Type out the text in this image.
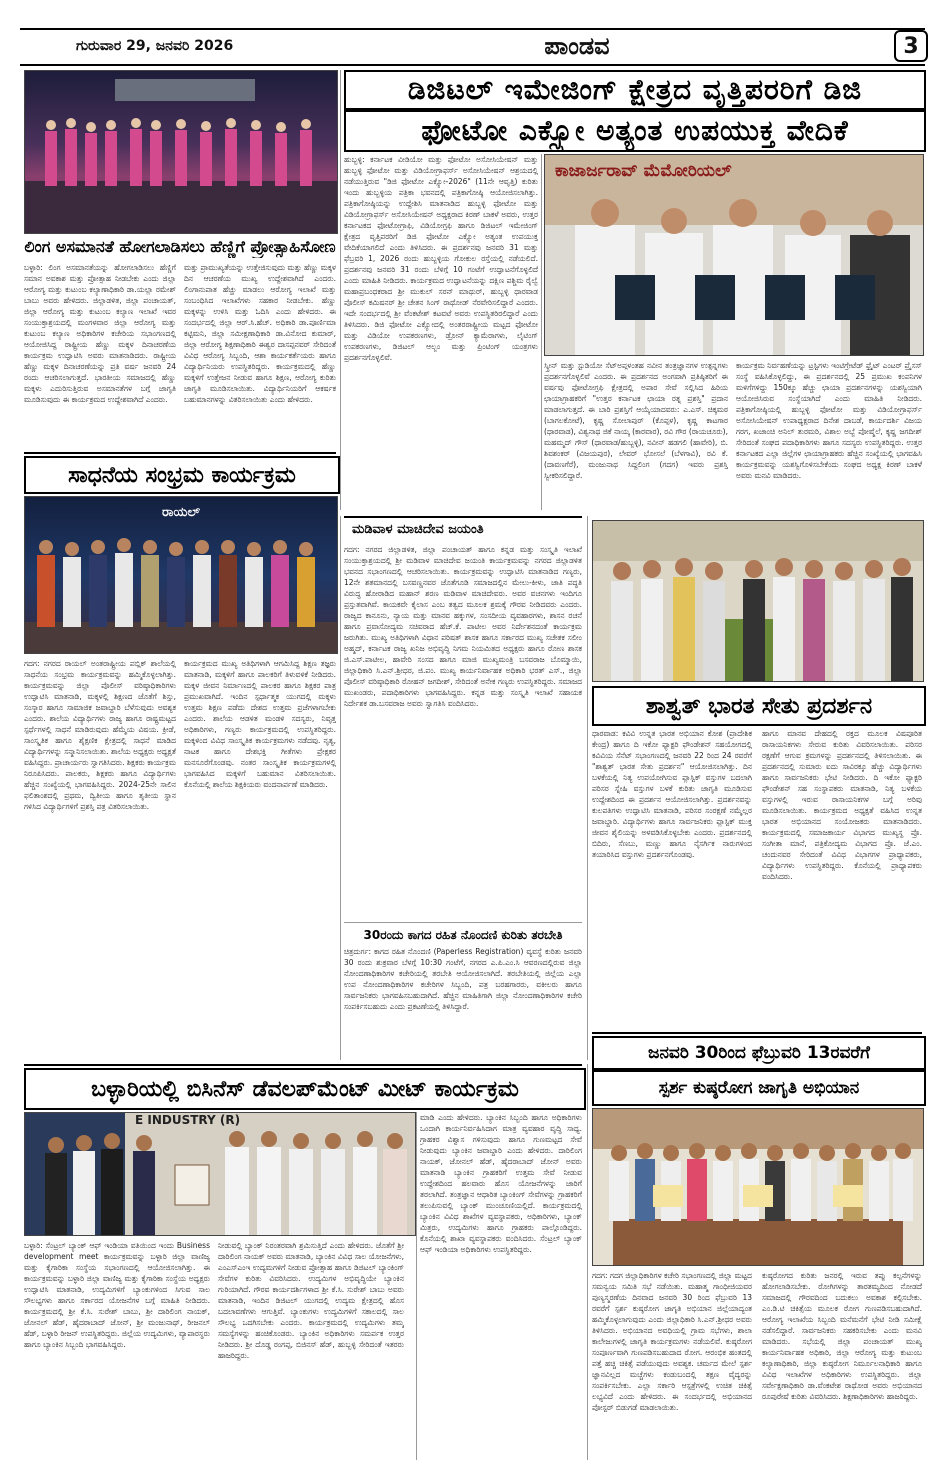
ಗುರುವಾರ 29, ಜನವರಿ 2026	ಪಾಂಡವ	3
ಲಿಂಗ ಅಸಮಾನತೆ ಹೋಗಲಾಡಿಸಲು ಹೆಣ್ಣಿಗೆ ಪ್ರೋತ್ಸಾಹಿಸೋಣ
ಬಳ್ಳಾರಿ: ಲಿಂಗ ಅಸಮಾನತೆಯನ್ನು ಹೋಗಲಾಡಿಸಲು ಹೆಣ್ಣಿಗೆ ಸಮಾನ ಅವಕಾಶ ಮತ್ತು ಪ್ರೋತ್ಸಾಹ ನೀಡಬೇಕು ಎಂದು ಜಿಲ್ಲಾ ಆರೋಗ್ಯ ಮತ್ತು ಕುಟುಂಬ ಕಲ್ಯಾಣಾಧಿಕಾರಿ ಡಾ.ಯಲ್ಲಾ ರಮೇಶ್ ಬಾಬು ಅವರು ಹೇಳಿದರು. ಜಿಲ್ಲಾಡಳಿತ, ಜಿಲ್ಲಾ ಪಂಚಾಯತ್, ಜಿಲ್ಲಾ ಆರೋಗ್ಯ ಮತ್ತು ಕುಟುಂಬ ಕಲ್ಯಾಣ ಇಲಾಖೆ ಇವರ ಸಂಯುಕ್ತಾಶ್ರಯದಲ್ಲಿ ಮಂಗಳವಾರ ಜಿಲ್ಲಾ ಆರೋಗ್ಯ ಮತ್ತು ಕುಟುಂಬ ಕಲ್ಯಾಣ ಅಧಿಕಾರಿಗಳ ಕಚೇರಿಯ ಸಭಾಂಗಣದಲ್ಲಿ ಆಯೋಜಿಸಿದ್ದ ರಾಷ್ಟ್ರೀಯ ಹೆಣ್ಣು ಮಕ್ಕಳ ದಿನಾಚರಣೆಯ ಕಾರ್ಯಕ್ರಮ ಉದ್ಘಾಟಿಸಿ ಅವರು ಮಾತನಾಡಿದರು. ರಾಷ್ಟ್ರೀಯ ಹೆಣ್ಣು ಮಕ್ಕಳ ದಿನಾಚರಣೆಯನ್ನು ಪ್ರತಿ ವರ್ಷ ಜನವರಿ 24 ರಂದು ಆಚರಿಸಲಾಗುತ್ತದೆ. ಭಾರತೀಯ ಸಮಾಜದಲ್ಲಿ ಹೆಣ್ಣು ಮಕ್ಕಳು ಎದುರಿಸುತ್ತಿರುವ ಅಸಮಾನತೆಗಳ ಬಗ್ಗೆ ಜಾಗೃತಿ ಮೂಡಿಸುವುದು ಈ ಕಾರ್ಯಕ್ರಮದ ಉದ್ದೇಶವಾಗಿದೆ ಎಂದರು.
ಮತ್ತು ಪ್ರಾಮುಖ್ಯತೆಯನ್ನು ಉತ್ತೇಜಿಸುವುದು ಮತ್ತು ಹೆಣ್ಣು ಮಕ್ಕಳ ದಿನ ಆಚರಣೆಯ ಮುಖ್ಯ ಉದ್ದೇಶವಾಗಿದೆ ಎಂದರು. ಲಿಂಗಾನುಪಾತ ಹೆಚ್ಚು ಮಾಡಲು ಆರೋಗ್ಯ ಇಲಾಖೆ ಮತ್ತು ಸಂಬಂಧಿಸಿದ ಇಲಾಖೆಗಳು ಸಹಕಾರ ನೀಡಬೇಕು. ಹೆಣ್ಣು ಮಕ್ಕಳನ್ನು ಉಳಿಸಿ ಮತ್ತು ಓದಿಸಿ ಎಂದು ಹೇಳಿದರು. ಈ ಸಂದರ್ಭದಲ್ಲಿ ಜಿಲ್ಲಾ ಆರ್.ಸಿ.ಹೆಚ್. ಅಧಿಕಾರಿ ಡಾ.ಪೂರ್ಣಿಮಾ ಕಟ್ಟಿಮನಿ, ಜಿಲ್ಲಾ ಸಮೀಕ್ಷಣಾಧಿಕಾರಿ ಡಾ.ವಿನೋದ ಕುಮಾರ್, ಜಿಲ್ಲಾ ಆರೋಗ್ಯ ಶಿಕ್ಷಣಾಧಿಕಾರಿ ಈಶ್ವರ ದಾಸಪ್ಪನವರ್ ಸೇರಿದಂತೆ ವಿವಿಧ ಆರೋಗ್ಯ ಸಿಬ್ಬಂದಿ, ಆಶಾ ಕಾರ್ಯಕರ್ತೆಯರು ಹಾಗೂ ವಿದ್ಯಾರ್ಥಿನಿಯರು ಉಪಸ್ಥಿತರಿದ್ದರು. ಕಾರ್ಯಕ್ರಮದಲ್ಲಿ ಹೆಣ್ಣು ಮಕ್ಕಳಿಗೆ ಉತ್ತೇಜನ ನೀಡುವ ಹಾಗೂ ಶಿಕ್ಷಣ, ಆರೋಗ್ಯ ಕುರಿತು ಜಾಗೃತಿ ಮೂಡಿಸಲಾಯಿತು. ವಿದ್ಯಾರ್ಥಿನಿಯರಿಗೆ ಆಕರ್ಷಕ ಬಹುಮಾನಗಳನ್ನು ವಿತರಿಸಲಾಯಿತು ಎಂದು ಹೇಳಿದರು.
ಡಿಜಿಟಲ್ ಇಮೇಜಿಂಗ್ ಕ್ಷೇತ್ರದ ವೃತ್ತಿಪರರಿಗೆ ಡಿಜಿ
ಫೋಟೋ ಎಕ್ಸ್ಪೋ ಅತ್ಯಂತ ಉಪಯುಕ್ತ ವೇದಿಕೆ
ಹುಬ್ಬಳ್ಳಿ: ಕರ್ನಾಟಕ ವೀಡಿಯೋ ಮತ್ತು ಫೋಟೋ ಅಸೋಸಿಯೇಷನ್ ಮತ್ತು ಹುಬ್ಬಳ್ಳಿ ಫೋಟೋ ಮತ್ತು ವಿಡಿಯೋಗ್ರಾಫರ್ಸ್ ಅಸೋಸಿಯೇಷನ್ ಆಶ್ರಯದಲ್ಲಿ ನಡೆಯುತ್ತಿರುವ "ಡಿಜಿ ಫೋಟೋ ಎಕ್ಸ್ಪೋ-2026" (11ನೇ ಆವೃತ್ತಿ) ಕುರಿತು ಇಂದು ಹುಬ್ಬಳ್ಳಿಯ ಪತ್ರಿಕಾ ಭವನದಲ್ಲಿ ಪತ್ರಿಕಾಗೋಷ್ಠಿ ಆಯೋಜಿಸಲಾಗಿತ್ತು. ಪತ್ರಿಕಾಗೋಷ್ಠಿಯನ್ನು ಉದ್ದೇಶಿಸಿ ಮಾತನಾಡಿದ ಹುಬ್ಬಳ್ಳಿ ಫೋಟೋ ಮತ್ತು ವಿಡಿಯೋಗ್ರಾಫರ್ಸ್ ಅಸೋಸಿಯೇಷನ್ ಅಧ್ಯಕ್ಷರಾದ ಕಿರಣ್ ಬಾಕಳೆ ಅವರು, ಉತ್ತರ ಕರ್ನಾಟಕದ ಫೋಟೋಗ್ರಾಫಿ, ವಿಡಿಯೋಗ್ರಫಿ ಹಾಗೂ ಡಿಜಿಟಲ್ ಇಮೇಜಿಂಗ್ ಕ್ಷೇತ್ರದ ವೃತ್ತಿಪರರಿಗೆ ಡಿಜಿ ಫೋಟೋ ಎಕ್ಸ್ಪೋ ಅತ್ಯಂತ ಉಪಯುಕ್ತ ವೇದಿಕೆಯಾಗಲಿದೆ ಎಂದು ತಿಳಿಸಿದರು. ಈ ಪ್ರದರ್ಶನವು ಜನವರಿ 31 ಮತ್ತು ಫೆಬ್ರವರಿ 1, 2026 ರಂದು ಹುಬ್ಬಳ್ಳಿಯ ಗೋಕುಲ ರಸ್ತೆಯಲ್ಲಿ ನಡೆಯಲಿದೆ. ಪ್ರದರ್ಶನವು ಜನವರಿ 31 ರಂದು ಬೆಳಿಗ್ಗೆ 10 ಗಂಟೆಗೆ ಉದ್ಘಾಟನೆಗೊಳ್ಳಲಿದೆ ಎಂದು ಮಾಹಿತಿ ನೀಡಿದರು. ಕಾರ್ಯಕ್ರಮದ ಉದ್ಘಾಟನೆಯನ್ನು ದಕ್ಷಿಣ ಪಶ್ಚಿಮ ರೈಲ್ವೆ ಮಹಾಪ್ರಬಂಧಕರಾದ ಶ್ರೀ ಮುಕುಲ್ ಸರನ್ ಮಾಥುರ್, ಹುಬ್ಬಳ್ಳಿ ಧಾರವಾಡ ಪೊಲೀಸ್ ಕಮಿಷನರ್ ಶ್ರೀ ಚೇತನ ಸಿಂಗ್ ರಾಥೋಡ್ ನೆರವೇರಿಸಲಿದ್ದಾರೆ ಎಂದರು. ಇದೇ ಸಂದರ್ಭದಲ್ಲಿ ಶ್ರೀ ವೆಂಕಟೇಶ್ ಕಟವಟೆ ಅವರು ಉಪಸ್ಥಿತರಿರಲಿದ್ದಾರೆ ಎಂದು ತಿಳಿಸಿದರು. ಡಿಜಿ ಫೋಟೋ ಎಕ್ಸ್ಪೋದಲ್ಲಿ ಅಂತರರಾಷ್ಟ್ರೀಯ ಮಟ್ಟದ ಫೋಟೋ ಮತ್ತು ವಿಡಿಯೋ ಉಪಕರಣಗಳು, ಡ್ರೋನ್ ಕ್ಯಾಮೆರಾಗಳು, ಲೈಟಿಂಗ್ ಉಪಕರಣಗಳು, ಡಿಜಿಟಲ್ ಆಲ್ಬಂ ಮತ್ತು ಪ್ರಿಂಟಿಂಗ್ ಯಂತ್ರಗಳು ಪ್ರದರ್ಶನಗೊಳ್ಳಲಿವೆ.
ಕಾಜಾರ್ಜರಾವ್ ಮೆಮೋರಿಯಲ್
ಸ್ಕ್ರೀನ್ ಮತ್ತು ಸ್ಟುಡಿಯೋ ಸೆಟ್ಅಪ್ಗಳಂತಹ ನವೀನ ತಂತ್ರಜ್ಞಾನಗಳ ಉತ್ಪನ್ನಗಳು ಪ್ರದರ್ಶನಗೊಳ್ಳಲಿವೆ ಎಂದರು. ಈ ಪ್ರದರ್ಶನದ ಅಂಗವಾಗಿ ಪ್ರತಿಷ್ಠಿತರಿಗೆ ಈ ವರ್ಷವು ಫೋಟೋಗ್ರಫಿ ಕ್ಷೇತ್ರದಲ್ಲಿ ಅಪಾರ ಸೇವೆ ಸಲ್ಲಿಸಿದ ಹಿರಿಯ ಛಾಯಾಗ್ರಾಹಕರಿಗೆ "ಉತ್ತರ ಕರ್ನಾಟಕ ಛಾಯಾ ರತ್ನ ಪ್ರಶಸ್ತಿ" ಪ್ರದಾನ ಮಾಡಲಾಗುತ್ತದೆ. ಈ ಬಾರಿ ಪ್ರಶಸ್ತಿಗೆ ಆಯ್ಕೆಯಾದವರು: ಎ.ಎಸ್. ಚಿಕ್ಕಮಠ (ಬಾಗಲಕೋಟೆ), ಕೃಷ್ಣ ಸೋಲಾಪುರ್ (ಕೊಪ್ಪಳ), ಕೃಷ್ಣ ಕಾಟಗಾರ (ಧಾರವಾಡ), ವಿಶ್ವನಾಥ ಜಿಕೆ ನಾಯ್ಕ (ಕಾರವಾರ), ರವಿ ಗೌರ (ರಾಯಚೂರು), ಮಹಮ್ಮದ್ ಗೌಸ್ (ಧಾರವಾಡ/ಹುಬ್ಬಳ್ಳಿ), ನವೀನ್ ಹಡಗಲಿ (ಹಾವೇರಿ), ಬಿ. ಶಿವಶಂಕರ್ (ವಿಜಯಪುರ), ಲೇವರ್ ಭೋಸಲೆ (ಬೆಳಗಾವಿ), ರವಿ ಕೆ. (ದಾವಣಗೆರೆ), ಮಂಜುನಾಥ ಸಿದ್ದಲಿಂಗ (ಗದಗ) ಇವರು ಪ್ರಶಸ್ತಿ ಸ್ವೀಕರಿಸಲಿದ್ದಾರೆ.
ಕಾರ್ಯಕ್ರಮ ನಿರ್ವಹಣೆಯನ್ನು ಟ್ರಸ್ಟಿಗಳು ಇಂಟಿಗ್ರೇಟೆಡ್ ಫ್ರೈಟ್ ಎಂಟರ್ ಪ್ರೈಸಸ್ ಸಂಸ್ಥೆ ವಹಿಸಿಕೊಳ್ಳಲಿದ್ದು, ಈ ಪ್ರದರ್ಶನದಲ್ಲಿ 25 ಪ್ರಮುಖ ಕಂಪನಿಗಳ ಮಳಿಗೆಗಳಿದ್ದು 150ಕ್ಕೂ ಹೆಚ್ಚು ಛಾಯಾ ಪ್ರದರ್ಶನಗಳನ್ನು ಯಶಸ್ವಿಯಾಗಿ ಆಯೋಜಿಸಿರುವ ಸಂಸ್ಥೆಯಾಗಿದೆ ಎಂದು ಮಾಹಿತಿ ನೀಡಿದರು. ಪತ್ರಿಕಾಗೋಷ್ಠಿಯಲ್ಲಿ ಹುಬ್ಬಳ್ಳಿ ಫೋಟೋ ಮತ್ತು ವಿಡಿಯೋಗ್ರಾಫರ್ಸ್ ಅಸೋಸಿಯೇಷನ್ ಉಪಾಧ್ಯಕ್ಷರಾದ ದಿನೇಶ ದಾಬಡೆ, ಕಾರ್ಯದರ್ಶಿ ವಿಜಯ ಗರಗ, ಖಜಾಂಚಿ ಅನಿಲ್ ತುರಮರಿ, ವಿಶಾಲ ಅಬ್ಬೆ ಪೋಷ್ಮೆಲೆ, ಕೃಷ್ಣ ಜಗದೀಶ್ ಸೇರಿದಂತೆ ಸಂಘದ ಪದಾಧಿಕಾರಿಗಳು ಹಾಗೂ ಸದಸ್ಯರು ಉಪಸ್ಥಿತರಿದ್ದರು. ಉತ್ತರ ಕರ್ನಾಟಕದ ಎಲ್ಲಾ ಜಿಲ್ಲೆಗಳ ಛಾಯಾಗ್ರಾಹಕರು ಹೆಚ್ಚಿನ ಸಂಖ್ಯೆಯಲ್ಲಿ ಭಾಗವಹಿಸಿ ಕಾರ್ಯಕ್ರಮವನ್ನು ಯಶಸ್ವಿಗೊಳಿಸಬೇಕೆಂದು ಸಂಘದ ಅಧ್ಯಕ್ಷ ಕಿರಣ್ ಬಾಕಳೆ ಅವರು ಮನವಿ ಮಾಡಿದರು.
ಸಾಧನೆಯ ಸಂಭ್ರಮ ಕಾರ್ಯಕ್ರಮ
ರಾಯಲ್
ಗದಗ: ನಗರದ ರಾಯಲ್ ಅಂತರಾಷ್ಟ್ರೀಯ ಪಬ್ಲಿಕ್ ಶಾಲೆಯಲ್ಲಿ ಸಾಧನೆಯ ಸಂಭ್ರಮ ಕಾರ್ಯಕ್ರಮವನ್ನು ಹಮ್ಮಿಕೊಳ್ಳಲಾಗಿತ್ತು. ಕಾರ್ಯಕ್ರಮವನ್ನು ಜಿಲ್ಲಾ ಪೊಲೀಸ್ ವರಿಷ್ಠಾಧಿಕಾರಿಗಳು ಉದ್ಘಾಟಿಸಿ ಮಾತನಾಡಿ, ಮಕ್ಕಳಲ್ಲಿ ಶಿಕ್ಷಣದ ಜೊತೆಗೆ ಶಿಸ್ತು, ಸಂಸ್ಕಾರ ಹಾಗೂ ಸಾಮಾಜಿಕ ಜವಾಬ್ದಾರಿ ಬೆಳೆಸುವುದು ಅವಶ್ಯಕ ಎಂದರು. ಶಾಲೆಯ ವಿದ್ಯಾರ್ಥಿಗಳು ರಾಜ್ಯ ಹಾಗೂ ರಾಷ್ಟ್ರಮಟ್ಟದ ಸ್ಪರ್ಧೆಗಳಲ್ಲಿ ಸಾಧನೆ ಮಾಡಿರುವುದು ಹೆಮ್ಮೆಯ ವಿಷಯ. ಕ್ರೀಡೆ, ಸಾಂಸ್ಕೃತಿಕ ಹಾಗೂ ಶೈಕ್ಷಣಿಕ ಕ್ಷೇತ್ರದಲ್ಲಿ ಸಾಧನೆ ಮಾಡಿದ ವಿದ್ಯಾರ್ಥಿಗಳನ್ನು ಸನ್ಮಾನಿಸಲಾಯಿತು. ಶಾಲೆಯ ಅಧ್ಯಕ್ಷರು ಅಧ್ಯಕ್ಷತೆ ವಹಿಸಿದ್ದರು. ಪ್ರಾಚಾರ್ಯರು ಸ್ವಾಗತಿಸಿದರು. ಶಿಕ್ಷಕರು ಕಾರ್ಯಕ್ರಮ ನಿರೂಪಿಸಿದರು. ಪಾಲಕರು, ಶಿಕ್ಷಕರು ಹಾಗೂ ವಿದ್ಯಾರ್ಥಿಗಳು ಹೆಚ್ಚಿನ ಸಂಖ್ಯೆಯಲ್ಲಿ ಭಾಗವಹಿಸಿದ್ದರು. 2024-25ನೇ ಸಾಲಿನ ಫಲಿತಾಂಶದಲ್ಲಿ ಪ್ರಥಮ, ದ್ವಿತೀಯ ಹಾಗೂ ತೃತೀಯ ಸ್ಥಾನ ಗಳಿಸಿದ ವಿದ್ಯಾರ್ಥಿಗಳಿಗೆ ಪ್ರಶಸ್ತಿ ಪತ್ರ ವಿತರಿಸಲಾಯಿತು.
ಕಾರ್ಯಕ್ರಮದ ಮುಖ್ಯ ಅತಿಥಿಗಳಾಗಿ ಆಗಮಿಸಿದ್ದ ಶಿಕ್ಷಣ ತಜ್ಞರು ಮಾತನಾಡಿ, ಮಕ್ಕಳಿಗೆ ಹಾಗೂ ಪಾಲಕರಿಗೆ ತಿಳುವಳಿಕೆ ನೀಡಿದರು. ಮಕ್ಕಳ ಜೀವನ ನಿರ್ಮಾಣದಲ್ಲಿ ಪಾಲಕರ ಹಾಗೂ ಶಿಕ್ಷಕರ ಪಾತ್ರ ಪ್ರಮುಖವಾಗಿದೆ. ಇಂದಿನ ಸ್ಪರ್ಧಾತ್ಮಕ ಯುಗದಲ್ಲಿ ಮಕ್ಕಳು ಉತ್ತಮ ಶಿಕ್ಷಣ ಪಡೆದು ದೇಶದ ಉತ್ತಮ ಪ್ರಜೆಗಳಾಗಬೇಕು ಎಂದರು. ಶಾಲೆಯ ಆಡಳಿತ ಮಂಡಳಿ ಸದಸ್ಯರು, ನಿವೃತ್ತ ಅಧಿಕಾರಿಗಳು, ಗಣ್ಯರು ಕಾರ್ಯಕ್ರಮದಲ್ಲಿ ಉಪಸ್ಥಿತರಿದ್ದರು. ಮಕ್ಕಳಿಂದ ವಿವಿಧ ಸಾಂಸ್ಕೃತಿಕ ಕಾರ್ಯಕ್ರಮಗಳು ನಡೆದವು. ನೃತ್ಯ, ನಾಟಕ ಹಾಗೂ ದೇಶಭಕ್ತಿ ಗೀತೆಗಳು ಪ್ರೇಕ್ಷಕರ ಮನಸೂರೆಗೊಂಡವು. ನಂತರ ಸಾಂಸ್ಕೃತಿಕ ಕಾರ್ಯಕ್ರಮಗಳಲ್ಲಿ ಭಾಗವಹಿಸಿದ ಮಕ್ಕಳಿಗೆ ಬಹುಮಾನ ವಿತರಿಸಲಾಯಿತು. ಕೊನೆಯಲ್ಲಿ ಶಾಲೆಯ ಶಿಕ್ಷಕಿಯರು ವಂದನಾರ್ಪಣೆ ಮಾಡಿದರು.
ಮಡಿವಾಳ ಮಾಚಿದೇವ ಜಯಂತಿ
ಗದಗ: ನಗರದ ಜಿಲ್ಲಾಡಳಿತ, ಜಿಲ್ಲಾ ಪಂಚಾಯತ್ ಹಾಗೂ ಕನ್ನಡ ಮತ್ತು ಸಂಸ್ಕೃತಿ ಇಲಾಖೆ ಸಂಯುಕ್ತಾಶ್ರಯದಲ್ಲಿ ಶ್ರೀ ಮಡಿವಾಳ ಮಾಚಿದೇವ ಜಯಂತಿ ಕಾರ್ಯಕ್ರಮವನ್ನು ನಗರದ ಜಿಲ್ಲಾಡಳಿತ ಭವನದ ಸಭಾಂಗಣದಲ್ಲಿ ಆಚರಿಸಲಾಯಿತು. ಕಾರ್ಯಕ್ರಮವನ್ನು ಉದ್ಘಾಟಿಸಿ ಮಾತನಾಡಿದ ಗಣ್ಯರು, 12ನೇ ಶತಮಾನದಲ್ಲಿ ಬಸವಣ್ಣನವರ ಜೊತೆಗೂಡಿ ಸಮಾಜದಲ್ಲಿನ ಮೇಲು-ಕೀಳು, ಜಾತಿ ಪದ್ಧತಿ ವಿರುದ್ಧ ಹೋರಾಡಿದ ಮಹಾನ್ ಶರಣ ಮಡಿವಾಳ ಮಾಚಿದೇವರು. ಅವರ ವಚನಗಳು ಇಂದಿಗೂ ಪ್ರಸ್ತುತವಾಗಿವೆ. ಕಾಯಕವೇ ಕೈಲಾಸ ಎಂಬ ತತ್ವದ ಮೂಲಕ ಶ್ರಮಕ್ಕೆ ಗೌರವ ನೀಡಿದವರು ಎಂದರು. ರಾಜ್ಯದ ಕಾನೂನು, ನ್ಯಾಯ ಮತ್ತು ಮಾನವ ಹಕ್ಕುಗಳ, ಸಂಸದೀಯ ವ್ಯವಹಾರಗಳು, ಶಾಸನ ರಚನೆ ಹಾಗೂ ಪ್ರವಾಸೋದ್ಯಮ ಸಚಿವರಾದ ಹೆಚ್.ಕೆ. ಪಾಟೀಲ ಅವರ ನಿರ್ದೇಶನದಂತೆ ಕಾರ್ಯಕ್ರಮ ಜರುಗಿತು. ಮುಖ್ಯ ಅತಿಥಿಗಳಾಗಿ ವಿಧಾನ ಪರಿಷತ್ ಶಾಸಕ ಹಾಗೂ ಸರ್ಕಾರದ ಮುಖ್ಯ ಸಚೇತಕ ಸಲೀಂ ಅಹ್ಮದ್, ಕರ್ನಾಟಕ ರಾಜ್ಯ ಖನಿಜ ಅಭಿವೃದ್ಧಿ ನಿಗಮ ನಿಯಮಿತದ ಅಧ್ಯಕ್ಷರು ಹಾಗೂ ರೋಣ ಶಾಸಕ ಜಿ.ಎಸ್.ಪಾಟೀಲ, ಹಾವೇರಿ ಸಂಸದ ಹಾಗೂ ಮಾಜಿ ಮುಖ್ಯಮಂತ್ರಿ ಬಸವರಾಜ ಬೊಮ್ಮಾಯಿ, ಜಿಲ್ಲಾಧಿಕಾರಿ ಸಿ.ಎನ್.ಶ್ರೀಧರ, ಜಿ.ಪಂ. ಮುಖ್ಯ ಕಾರ್ಯನಿರ್ವಾಹಕ ಅಧಿಕಾರಿ ಭರತ್ ಎಸ್., ಜಿಲ್ಲಾ ಪೊಲೀಸ್ ವರಿಷ್ಠಾಧಿಕಾರಿ ರೋಹನ್ ಜಗದೀಶ್, ಸೇರಿದಂತೆ ಅನೇಕ ಗಣ್ಯರು ಉಪಸ್ಥಿತರಿದ್ದರು. ಸಮಾಜದ ಮುಖಂಡರು, ಪದಾಧಿಕಾರಿಗಳು ಭಾಗವಹಿಸಿದ್ದರು. ಕನ್ನಡ ಮತ್ತು ಸಂಸ್ಕೃತಿ ಇಲಾಖೆ ಸಹಾಯಕ ನಿರ್ದೇಶಕ ಡಾ.ಬಸವರಾಜ ಅವರು ಸ್ವಾಗತಿಸಿ ವಂದಿಸಿದರು.
30ರಂದು ಕಾಗದ ರಹಿತ ನೊಂದಣಿ ಕುರಿತು ತರಬೇತಿ
ಚಿತ್ರದುರ್ಗ: ಕಾಗದ ರಹಿತ ನೊಂದಣಿ (Paperless Registration) ವ್ಯವಸ್ಥೆ ಕುರಿತು ಜನವರಿ 30 ರಂದು ಶುಕ್ರವಾರ ಬೆಳಗ್ಗೆ 10:30 ಗಂಟೆಗೆ, ನಗರದ ಎ.ಪಿ.ಎಂ.ಸಿ ಆವರಣದಲ್ಲಿರುವ ಜಿಲ್ಲಾ ನೋಂದಣಾಧಿಕಾರಿಗಳ ಕಚೇರಿಯಲ್ಲಿ ತರಬೇತಿ ಆಯೋಜಿಸಲಾಗಿದೆ. ತರಬೇತಿಯಲ್ಲಿ ಜಿಲ್ಲೆಯ ಎಲ್ಲಾ ಉಪ ನೋಂದಣಾಧಿಕಾರಿಗಳ ಕಚೇರಿಗಳ ಸಿಬ್ಬಂದಿ, ಪತ್ರ ಬರಹಗಾರರು, ವಕೀಲರು ಹಾಗೂ ಸಾರ್ವಜನಿಕರು ಭಾಗವಹಿಸಬಹುದಾಗಿದೆ. ಹೆಚ್ಚಿನ ಮಾಹಿತಿಗಾಗಿ ಜಿಲ್ಲಾ ನೋಂದಣಾಧಿಕಾರಿಗಳ ಕಚೇರಿ ಸಂಪರ್ಕಿಸಬಹುದು ಎಂದು ಪ್ರಕಟಣೆಯಲ್ಲಿ ತಿಳಿಸಿದ್ದಾರೆ.
ಶಾಶ್ವತ್ ಭಾರತ ಸೇತು ಪ್ರದರ್ಶನ
ಧಾರವಾಡ: ಕವಿವಿ ಉನ್ನತ ಭಾರತ ಅಭಿಯಾನ ಕೋಶ (ಪ್ರಾದೇಶಿಕ ಕೇಂದ್ರ) ಹಾಗೂ ದಿ ಇಕೋ ಫ್ಯಾಕ್ಟರಿ ಫೌಂಡೇಶನ್ ಸಹಯೋಗದಲ್ಲಿ ಕವಿವಿಯ ಸೆನೆಟ್ ಸಭಾಂಗಣದಲ್ಲಿ ಜನವರಿ 22 ರಿಂದ 24 ರವರೆಗೆ "ಶಾಶ್ವತ್ ಭಾರತ ಸೇತು ಪ್ರದರ್ಶನ" ಆಯೋಜಿಸಲಾಗಿತ್ತು. ದಿನ ಬಳಕೆಯಲ್ಲಿ ನಿತ್ಯ ಉಪಯೋಗಿಸುವ ಪ್ಲಾಸ್ಟಿಕ್ ವಸ್ತುಗಳ ಬದಲಾಗಿ ಪರಿಸರ ಸ್ನೇಹಿ ವಸ್ತುಗಳ ಬಳಕೆ ಕುರಿತು ಜಾಗೃತಿ ಮೂಡಿಸುವ ಉದ್ದೇಶದಿಂದ ಈ ಪ್ರದರ್ಶನ ಆಯೋಜಿಸಲಾಗಿತ್ತು. ಪ್ರದರ್ಶನವನ್ನು ಕುಲಪತಿಗಳು ಉದ್ಘಾಟಿಸಿ ಮಾತನಾಡಿ, ಪರಿಸರ ಸಂರಕ್ಷಣೆ ನಮ್ಮೆಲ್ಲರ ಜವಾಬ್ದಾರಿ. ವಿದ್ಯಾರ್ಥಿಗಳು ಹಾಗೂ ಸಾರ್ವಜನಿಕರು ಪ್ಲಾಸ್ಟಿಕ್ ಮುಕ್ತ ಜೀವನ ಶೈಲಿಯನ್ನು ಅಳವಡಿಸಿಕೊಳ್ಳಬೇಕು ಎಂದರು. ಪ್ರದರ್ಶನದಲ್ಲಿ ಬಿದಿರು, ಸೆಣಬು, ಮಣ್ಣು ಹಾಗೂ ನೈಸರ್ಗಿಕ ನಾರುಗಳಿಂದ ತಯಾರಿಸಿದ ವಸ್ತುಗಳು ಪ್ರದರ್ಶನಗೊಂಡವು.
ಹಾಗೂ ಮಾನವ ದೇಹದಲ್ಲಿ ರಕ್ತದ ಮೂಲಕ ವಿಷಪೂರಿತ ರಾಸಾಯನಿಕಗಳು ಸೇರುವ ಕುರಿತು ವಿವರಿಸಲಾಯಿತು. ಪರಿಸರ ರಕ್ಷಣೆಗೆ ಆಗುವ ಕ್ರಮಗಳನ್ನು ಪ್ರದರ್ಶನದಲ್ಲಿ ತಿಳಿಸಲಾಯಿತು. ಈ ಪ್ರದರ್ಶನದಲ್ಲಿ ಸುಮಾರು ಐದು ಸಾವಿರಕ್ಕೂ ಹೆಚ್ಚು ವಿದ್ಯಾರ್ಥಿಗಳು ಹಾಗೂ ಸಾರ್ವಜನಿಕರು ಭೇಟಿ ನೀಡಿದರು. ದಿ ಇಕೋ ಫ್ಯಾಕ್ಟರಿ ಫೌಂಡೇಶನ್ ಸಹ ಸಂಸ್ಥಾಪಕರು ಮಾತನಾಡಿ, ನಿತ್ಯ ಬಳಕೆಯ ವಸ್ತುಗಳಲ್ಲಿ ಇರುವ ರಾಸಾಯನಿಕಗಳ ಬಗ್ಗೆ ಅರಿವು ಮೂಡಿಸಲಾಯಿತು. ಕಾರ್ಯಕ್ರಮದ ಅಧ್ಯಕ್ಷತೆ ವಹಿಸಿದ ಉನ್ನತ ಭಾರತ ಅಭಿಯಾನದ ಸಂಯೋಜಕರು ಮಾತನಾಡಿದರು. ಕಾರ್ಯಕ್ರಮದಲ್ಲಿ ಸಮಾಜಕಾರ್ಯ ವಿಭಾಗದ ಮುಖ್ಯಸ್ಥ ಪ್ರೊ. ಸಂಗೀತಾ ಮಾನೆ, ಪತ್ರಿಕೋದ್ಯಮ ವಿಭಾಗದ ಪ್ರೊ. ಜೆ.ಎಂ. ಚಂದುನವರ ಸೇರಿದಂತೆ ವಿವಿಧ ವಿಭಾಗಗಳ ಪ್ರಾಧ್ಯಾಪಕರು, ವಿದ್ಯಾರ್ಥಿಗಳು ಉಪಸ್ಥಿತರಿದ್ದರು. ಕೊನೆಯಲ್ಲಿ ಪ್ರಾಧ್ಯಾಪಕರು ವಂದಿಸಿದರು.
ಬಳ್ಳಾರಿಯಲ್ಲಿ ಬಿಸಿನೆಸ್ ಡೆವಲಪ್‌ಮೆಂಟ್ ಮೀಟ್ ಕಾರ್ಯಕ್ರಮ
E INDUSTRY (R)
ಬಳ್ಳಾರಿ: ಸೆಂಟ್ರಲ್ ಬ್ಯಾಂಕ್ ಆಫ್ ಇಂಡಿಯಾ ವತಿಯಿಂದ ಇಂದು Business development meet ಕಾರ್ಯಕ್ರಮವನ್ನು ಬಳ್ಳಾರಿ ಜಿಲ್ಲಾ ವಾಣಿಜ್ಯ ಮತ್ತು ಕೈಗಾರಿಕಾ ಸಂಸ್ಥೆಯ ಸಭಾಂಗಣದಲ್ಲಿ ಆಯೋಜಿಸಲಾಗಿತ್ತು. ಈ ಕಾರ್ಯಕ್ರಮವನ್ನು ಬಳ್ಳಾರಿ ಜಿಲ್ಲಾ ವಾಣಿಜ್ಯ ಮತ್ತು ಕೈಗಾರಿಕಾ ಸಂಸ್ಥೆಯ ಅಧ್ಯಕ್ಷರು ಉದ್ಘಾಟಿಸಿ ಮಾತನಾಡಿ, ಉದ್ಯಮಿಗಳಿಗೆ ಬ್ಯಾಂಕುಗಳಿಂದ ಸಿಗುವ ಸಾಲ ಸೌಲಭ್ಯಗಳು ಹಾಗೂ ಸರ್ಕಾರದ ಯೋಜನೆಗಳ ಬಗ್ಗೆ ಮಾಹಿತಿ ನೀಡಿದರು. ಕಾರ್ಯಕ್ರಮದಲ್ಲಿ ಶ್ರೀ ಕೆ.ಸಿ. ಸುರೇಶ್ ಬಾಬು, ಶ್ರೀ ದಾರಿಲಿಂಗ ನಾಯಕ್, ಜೋನಲ್ ಹೆಡ್, ಹೈದರಾಬಾದ್ ಜೋನ್, ಶ್ರೀ ಮಂಜುನಾಥ್, ರೀಜನಲ್ ಹೆಡ್, ಬಳ್ಳಾರಿ ರೀಜನ್ ಉಪಸ್ಥಿತರಿದ್ದರು. ಜಿಲ್ಲೆಯ ಉದ್ಯಮಿಗಳು, ವ್ಯಾಪಾರಸ್ಥರು ಹಾಗೂ ಬ್ಯಾಂಕಿನ ಸಿಬ್ಬಂದಿ ಭಾಗವಹಿಸಿದ್ದರು.
ನೀಡುವಲ್ಲಿ ಬ್ಯಾಂಕ್ ನಿರಂತರವಾಗಿ ಶ್ರಮಿಸುತ್ತಿದೆ ಎಂದು ಹೇಳಿದರು. ಜೊತೆಗೆ ಶ್ರೀ ದಾರಿಲಿಂಗ ನಾಯಕ್ ಅವರು ಮಾತನಾಡಿ, ಬ್ಯಾಂಕಿನ ವಿವಿಧ ಸಾಲ ಯೋಜನೆಗಳು, ಎಂಎಸ್‌ಎಂಇ ಉದ್ಯಮಗಳಿಗೆ ನೀಡುವ ಪ್ರೋತ್ಸಾಹ ಹಾಗೂ ಡಿಜಿಟಲ್ ಬ್ಯಾಂಕಿಂಗ್ ಸೇವೆಗಳ ಕುರಿತು ವಿವರಿಸಿದರು. ಉದ್ಯಮಿಗಳ ಅಭಿವೃದ್ಧಿಯೇ ಬ್ಯಾಂಕಿನ ಗುರಿಯಾಗಿದೆ. ಗೌರವ ಕಾರ್ಯದರ್ಶಿಗಳಾದ ಶ್ರೀ ಕೆ.ಸಿ. ಸುರೇಶ್ ಬಾಬು ಅವರು ಮಾತನಾಡಿ, ಇಂದಿನ ಡಿಜಿಟಲ್ ಯುಗದಲ್ಲಿ ಉದ್ಯಮ ಕ್ಷೇತ್ರದಲ್ಲಿ ಹೊಸ ಬದಲಾವಣೆಗಳು ಆಗುತ್ತಿವೆ. ಬ್ಯಾಂಕುಗಳು ಉದ್ಯಮಿಗಳಿಗೆ ಸಕಾಲದಲ್ಲಿ ಸಾಲ ಸೌಲಭ್ಯ ಒದಗಿಸಬೇಕು ಎಂದರು. ಕಾರ್ಯಕ್ರಮದಲ್ಲಿ ಉದ್ಯಮಿಗಳು ತಮ್ಮ ಸಮಸ್ಯೆಗಳನ್ನು ಹಂಚಿಕೊಂಡರು. ಬ್ಯಾಂಕಿನ ಅಧಿಕಾರಿಗಳು ಸಮರ್ಪಕ ಉತ್ತರ ನೀಡಿದರು. ಶ್ರೀ ದೊಡ್ಡ ರಂಗಪ್ಪ, ಬಿಜಿನಸ್ ಹೆಡ್, ಹುಬ್ಬಳ್ಳಿ ಸೇರಿದಂತೆ ಇತರರು ಹಾಜರಿದ್ದರು.
ಮಾಡಿ ಎಂದು ಹೇಳಿದರು. ಬ್ಯಾಂಕಿನ ಸಿಬ್ಬಂದಿ ಹಾಗೂ ಅಧಿಕಾರಿಗಳು ಒಂದಾಗಿ ಕಾರ್ಯನಿರ್ವಹಿಸಿದಾಗ ಮಾತ್ರ ವ್ಯವಹಾರ ವೃದ್ಧಿ ಸಾಧ್ಯ. ಗ್ರಾಹಕರ ವಿಶ್ವಾಸ ಗಳಿಸುವುದು ಹಾಗೂ ಗುಣಮಟ್ಟದ ಸೇವೆ ನೀಡುವುದು ಬ್ಯಾಂಕಿನ ಜವಾಬ್ದಾರಿ ಎಂದು ಹೇಳಿದರು. ದಾರಿಲಿಂಗ ನಾಯಕ್, ಜೋನಲ್ ಹೆಡ್, ಹೈದರಾಬಾದ್ ಜೋನ್ ಅವರು ಮಾತನಾಡಿ ಬ್ಯಾಂಕಿನ ಗ್ರಾಹಕರಿಗೆ ಉತ್ತಮ ಸೇವೆ ನೀಡುವ ಉದ್ದೇಶದಿಂದ ಹಲವಾರು ಹೊಸ ಯೋಜನೆಗಳನ್ನು ಜಾರಿಗೆ ತರಲಾಗಿದೆ. ತಂತ್ರಜ್ಞಾನ ಆಧಾರಿತ ಬ್ಯಾಂಕಿಂಗ್ ಸೇವೆಗಳನ್ನು ಗ್ರಾಹಕರಿಗೆ ತಲುಪಿಸುವಲ್ಲಿ ಬ್ಯಾಂಕ್ ಮುಂಚೂಣಿಯಲ್ಲಿದೆ. ಕಾರ್ಯಕ್ರಮದಲ್ಲಿ ಬ್ಯಾಂಕಿನ ವಿವಿಧ ಶಾಖೆಗಳ ವ್ಯವಸ್ಥಾಪಕರು, ಅಧಿಕಾರಿಗಳು, ಬ್ಯಾಂಕ್ ಮಿತ್ರರು, ಉದ್ಯಮಿಗಳು ಹಾಗೂ ಗ್ರಾಹಕರು ಪಾಲ್ಗೊಂಡಿದ್ದರು. ಕೊನೆಯಲ್ಲಿ ಶಾಖಾ ವ್ಯವಸ್ಥಾಪಕರು ವಂದಿಸಿದರು. ಸೆಂಟ್ರಲ್ ಬ್ಯಾಂಕ್ ಆಫ್ ಇಂಡಿಯಾ ಅಧಿಕಾರಿಗಳು ಉಪಸ್ಥಿತರಿದ್ದರು.
ಜನವರಿ 30ರಿಂದ ಫೆಬ್ರುವರಿ 13ರವರೆಗೆ
ಸ್ಪರ್ಶ ಕುಷ್ಠರೋಗ ಜಾಗೃತಿ ಅಭಿಯಾನ
ಗದಗ: ಗದಗ ಜಿಲ್ಲಾಧಿಕಾರಿಗಳ ಕಚೇರಿ ಸಭಾಂಗಣದಲ್ಲಿ ಜಿಲ್ಲಾ ಮಟ್ಟದ ಸಮನ್ವಯ ಸಮಿತಿ ಸಭೆ ನಡೆಯಿತು. ಮಹಾತ್ಮ ಗಾಂಧೀಜಿಯವರ ಪುಣ್ಯಸ್ಮರಣೆಯ ದಿನವಾದ ಜನವರಿ 30 ರಿಂದ ಫೆಬ್ರುವರಿ 13 ರವರೆಗೆ ಸ್ಪರ್ಶ ಕುಷ್ಠರೋಗ ಜಾಗೃತಿ ಅಭಿಯಾನ ಜಿಲ್ಲೆಯಾದ್ಯಂತ ಹಮ್ಮಿಕೊಳ್ಳಲಾಗುವುದು ಎಂದು ಜಿಲ್ಲಾಧಿಕಾರಿ ಸಿ.ಎನ್.ಶ್ರೀಧರ ಅವರು ತಿಳಿಸಿದರು. ಅಭಿಯಾನದ ಅವಧಿಯಲ್ಲಿ ಗ್ರಾಮ ಸಭೆಗಳು, ಶಾಲಾ ಕಾಲೇಜುಗಳಲ್ಲಿ ಜಾಗೃತಿ ಕಾರ್ಯಕ್ರಮಗಳು ನಡೆಯಲಿವೆ. ಕುಷ್ಠರೋಗ ಸಂಪೂರ್ಣವಾಗಿ ಗುಣಪಡಿಸಬಹುದಾದ ರೋಗ. ಆರಂಭಿಕ ಹಂತದಲ್ಲಿ ಪತ್ತೆ ಹಚ್ಚಿ ಚಿಕಿತ್ಸೆ ಪಡೆಯುವುದು ಅವಶ್ಯಕ. ಚರ್ಮದ ಮೇಲೆ ಸ್ಪರ್ಶ ಜ್ಞಾನವಿಲ್ಲದ ಮಚ್ಚೆಗಳು ಕಂಡುಬಂದಲ್ಲಿ ತಕ್ಷಣ ವೈದ್ಯರನ್ನು ಸಂಪರ್ಕಿಸಬೇಕು. ಎಲ್ಲಾ ಸರ್ಕಾರಿ ಆಸ್ಪತ್ರೆಗಳಲ್ಲಿ ಉಚಿತ ಚಿಕಿತ್ಸೆ ಲಭ್ಯವಿದೆ ಎಂದು ಹೇಳಿದರು. ಈ ಸಂದರ್ಭದಲ್ಲಿ ಅಭಿಯಾನದ ಪೋಸ್ಟರ್ ಬಿಡುಗಡೆ ಮಾಡಲಾಯಿತು.
ಕುಷ್ಠರೋಗದ ಕುರಿತು ಜನರಲ್ಲಿ ಇರುವ ತಪ್ಪು ಕಲ್ಪನೆಗಳನ್ನು ಹೋಗಲಾಡಿಸಬೇಕು. ರೋಗಿಗಳನ್ನು ತಾರತಮ್ಯದಿಂದ ನೋಡದೆ ಸಮಾಜದಲ್ಲಿ ಗೌರವದಿಂದ ಬದುಕಲು ಅವಕಾಶ ಕಲ್ಪಿಸಬೇಕು. ಎಂ.ಡಿ.ಟಿ ಚಿಕಿತ್ಸೆಯ ಮೂಲಕ ರೋಗ ಗುಣಪಡಿಸಬಹುದಾಗಿದೆ. ಆರೋಗ್ಯ ಇಲಾಖೆಯ ಸಿಬ್ಬಂದಿ ಮನೆಮನೆಗೆ ಭೇಟಿ ನೀಡಿ ಸಮೀಕ್ಷೆ ನಡೆಸಲಿದ್ದಾರೆ. ಸಾರ್ವಜನಿಕರು ಸಹಕರಿಸಬೇಕು ಎಂದು ಮನವಿ ಮಾಡಿದರು. ಸಭೆಯಲ್ಲಿ ಜಿಲ್ಲಾ ಪಂಚಾಯತ್ ಮುಖ್ಯ ಕಾರ್ಯನಿರ್ವಾಹಕ ಅಧಿಕಾರಿ, ಜಿಲ್ಲಾ ಆರೋಗ್ಯ ಮತ್ತು ಕುಟುಂಬ ಕಲ್ಯಾಣಾಧಿಕಾರಿ, ಜಿಲ್ಲಾ ಕುಷ್ಠರೋಗ ನಿರ್ಮೂಲನಾಧಿಕಾರಿ ಹಾಗೂ ವಿವಿಧ ಇಲಾಖೆಗಳ ಅಧಿಕಾರಿಗಳು ಉಪಸ್ಥಿತರಿದ್ದರು. ಜಿಲ್ಲಾ ಸರ್ವೇಕ್ಷಣಾಧಿಕಾರಿ ಡಾ.ವೆಂಕಟೇಶ ರಾಥೋಡ ಅವರು ಅಭಿಯಾನದ ರೂಪುರೇಷೆ ಕುರಿತು ವಿವರಿಸಿದರು. ಶಿಕ್ಷಣಾಧಿಕಾರಿಗಳು ಹಾಜರಿದ್ದರು.
